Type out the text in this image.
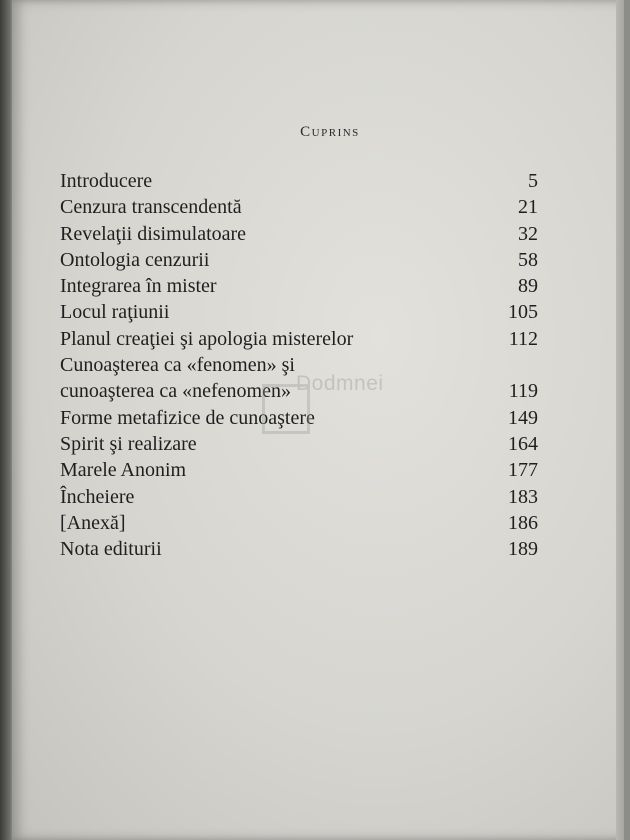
Cuprins
Introducere	5
Cenzura transcendentă	21
Revelaţii disimulatoare	32
Ontologia cenzurii	58
Integrarea în mister	89
Locul raţiunii	105
Planul creaţiei şi apologia misterelor	112
Cunoaşterea ca «fenomen» şi
cunoaşterea ca «nefenomen»	119
Forme metafizice de cunoaştere	149
Spirit şi realizare	164
Marele Anonim	177
Încheiere	183
[Anexă]	186
Nota editurii	189
Dodmnei
